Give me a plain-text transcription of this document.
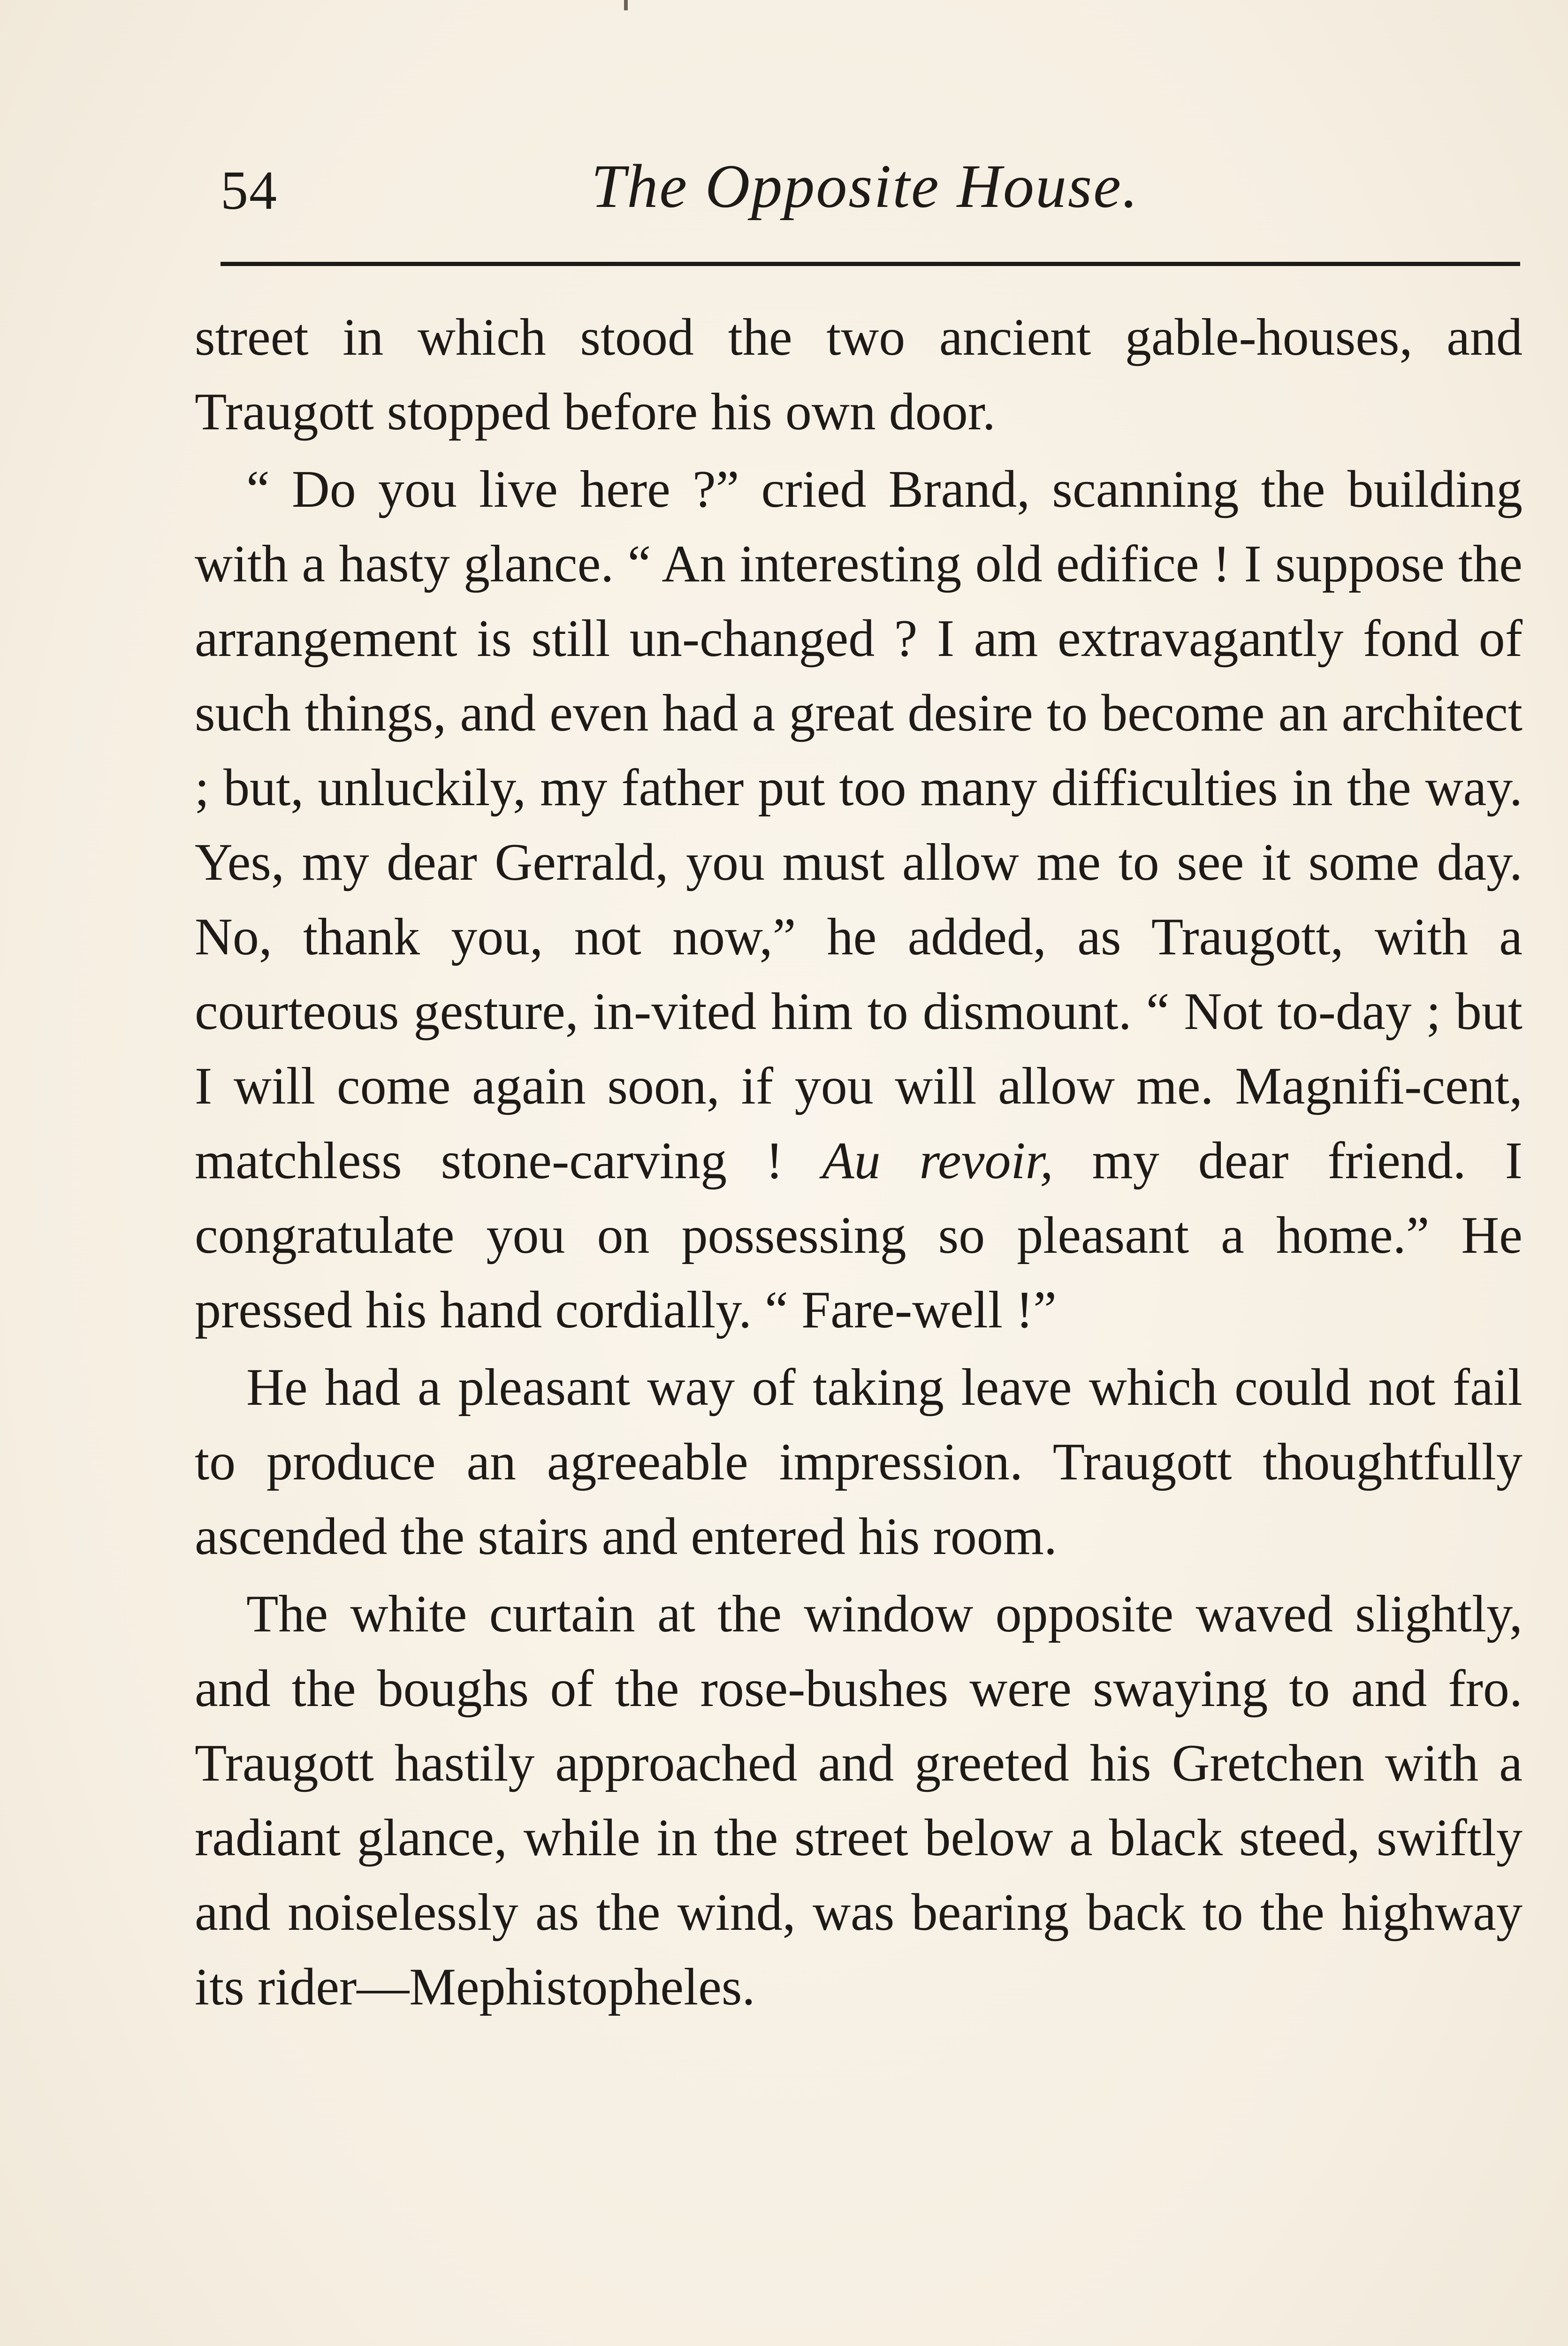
54	The Opposite House.

street in which stood the two ancient gable-houses, and Traugott stopped before his own door.

“ Do you live here ?” cried Brand, scanning the building with a hasty glance. “ An interesting old edifice ! I suppose the arrangement is still un-changed ? I am extravagantly fond of such things, and even had a great desire to become an architect ; but, unluckily, my father put too many difficulties in the way. Yes, my dear Gerrald, you must allow me to see it some day. No, thank you, not now,” he added, as Traugott, with a courteous gesture, in-vited him to dismount. “ Not to-day ; but I will come again soon, if you will allow me. Magnifi-cent, matchless stone-carving ! Au revoir, my dear friend. I congratulate you on possessing so pleasant a home.” He pressed his hand cordially. “ Fare-well !”

He had a pleasant way of taking leave which could not fail to produce an agreeable impression. Traugott thoughtfully ascended the stairs and entered his room.

The white curtain at the window opposite waved slightly, and the boughs of the rose-bushes were swaying to and fro. Traugott hastily approached and greeted his Gretchen with a radiant glance, while in the street below a black steed, swiftly and noiselessly as the wind, was bearing back to the highway its rider—Mephistopheles.
